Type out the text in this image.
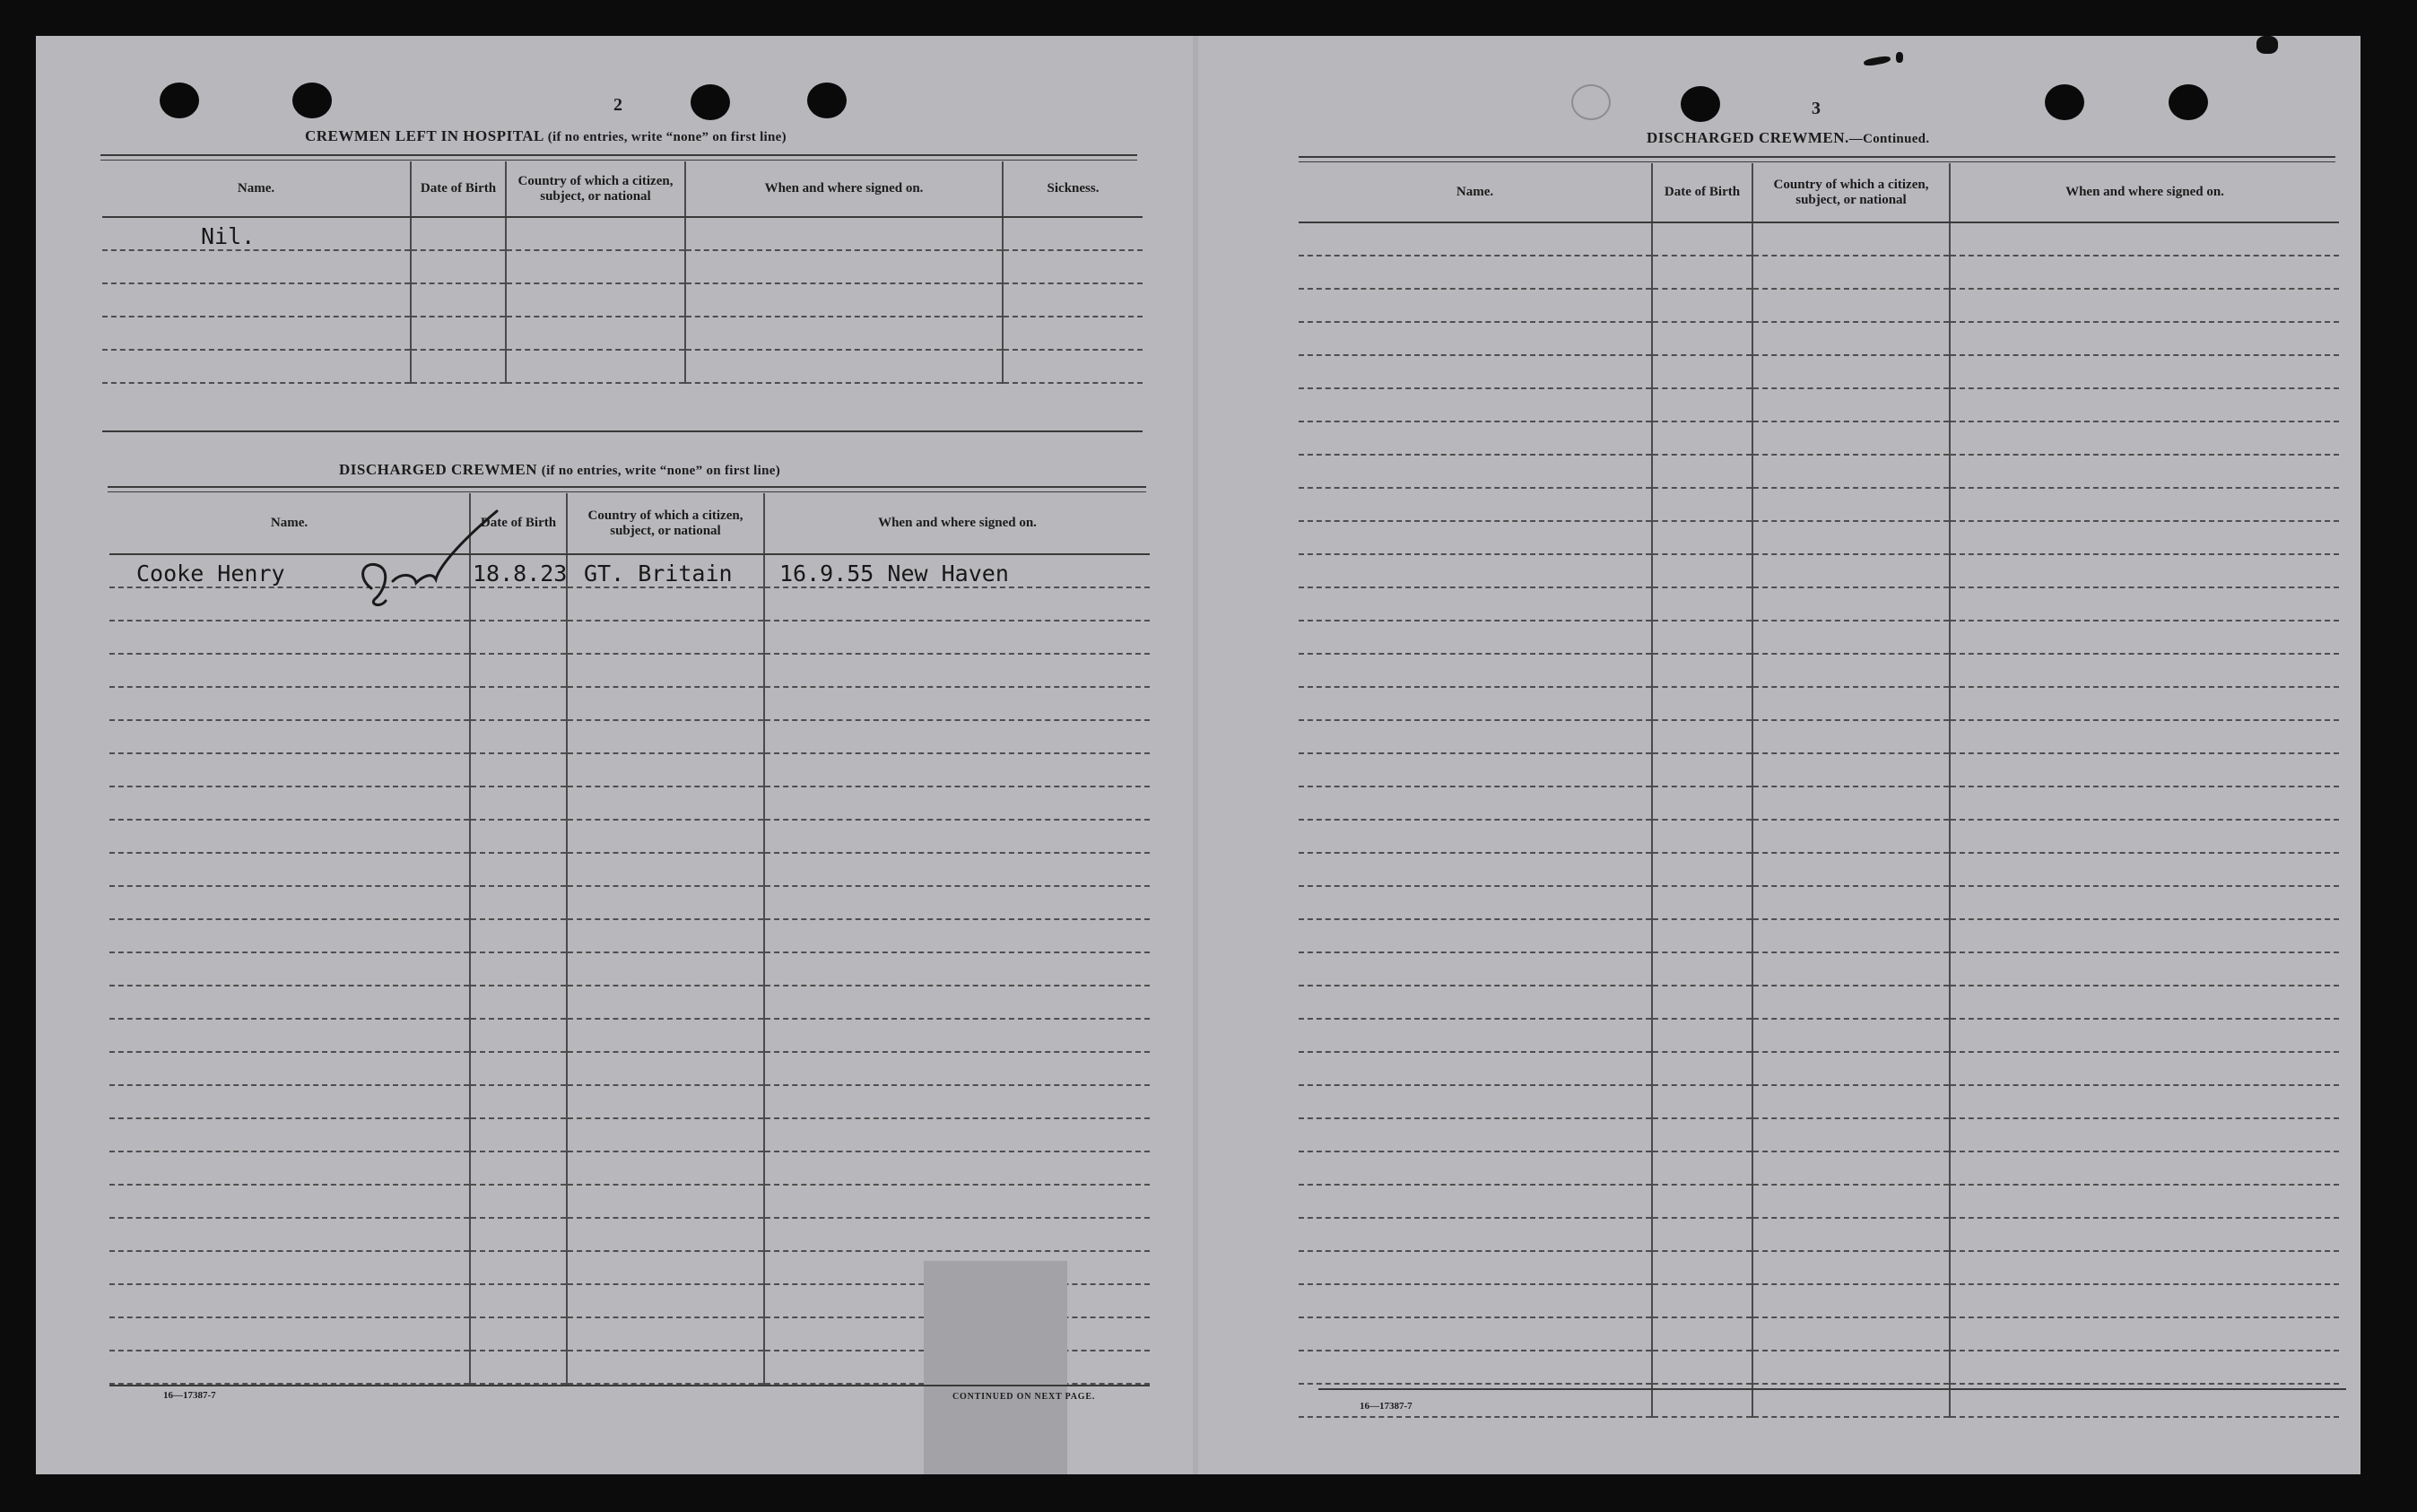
2
CREWMEN LEFT IN HOSPITAL (if no entries, write “none” on first line)
Name.	Date of Birth	Country of which a citizen, subject, or national	When and where signed on.	Sickness.
Nil.				

DISCHARGED CREWMEN (if no entries, write “none” on first line)
Name.	Date of Birth	Country of which a citizen, subject, or national	When and where signed on.
Cooke Henry	18.8.23	GT. Britain	16.9.55 New Haven

16—17387-7	CONTINUED ON NEXT PAGE.
3
DISCHARGED CREWMEN.—Continued.
Name.	Date of Birth	Country of which a citizen, subject, or national	When and where signed on.

16—17387-7
